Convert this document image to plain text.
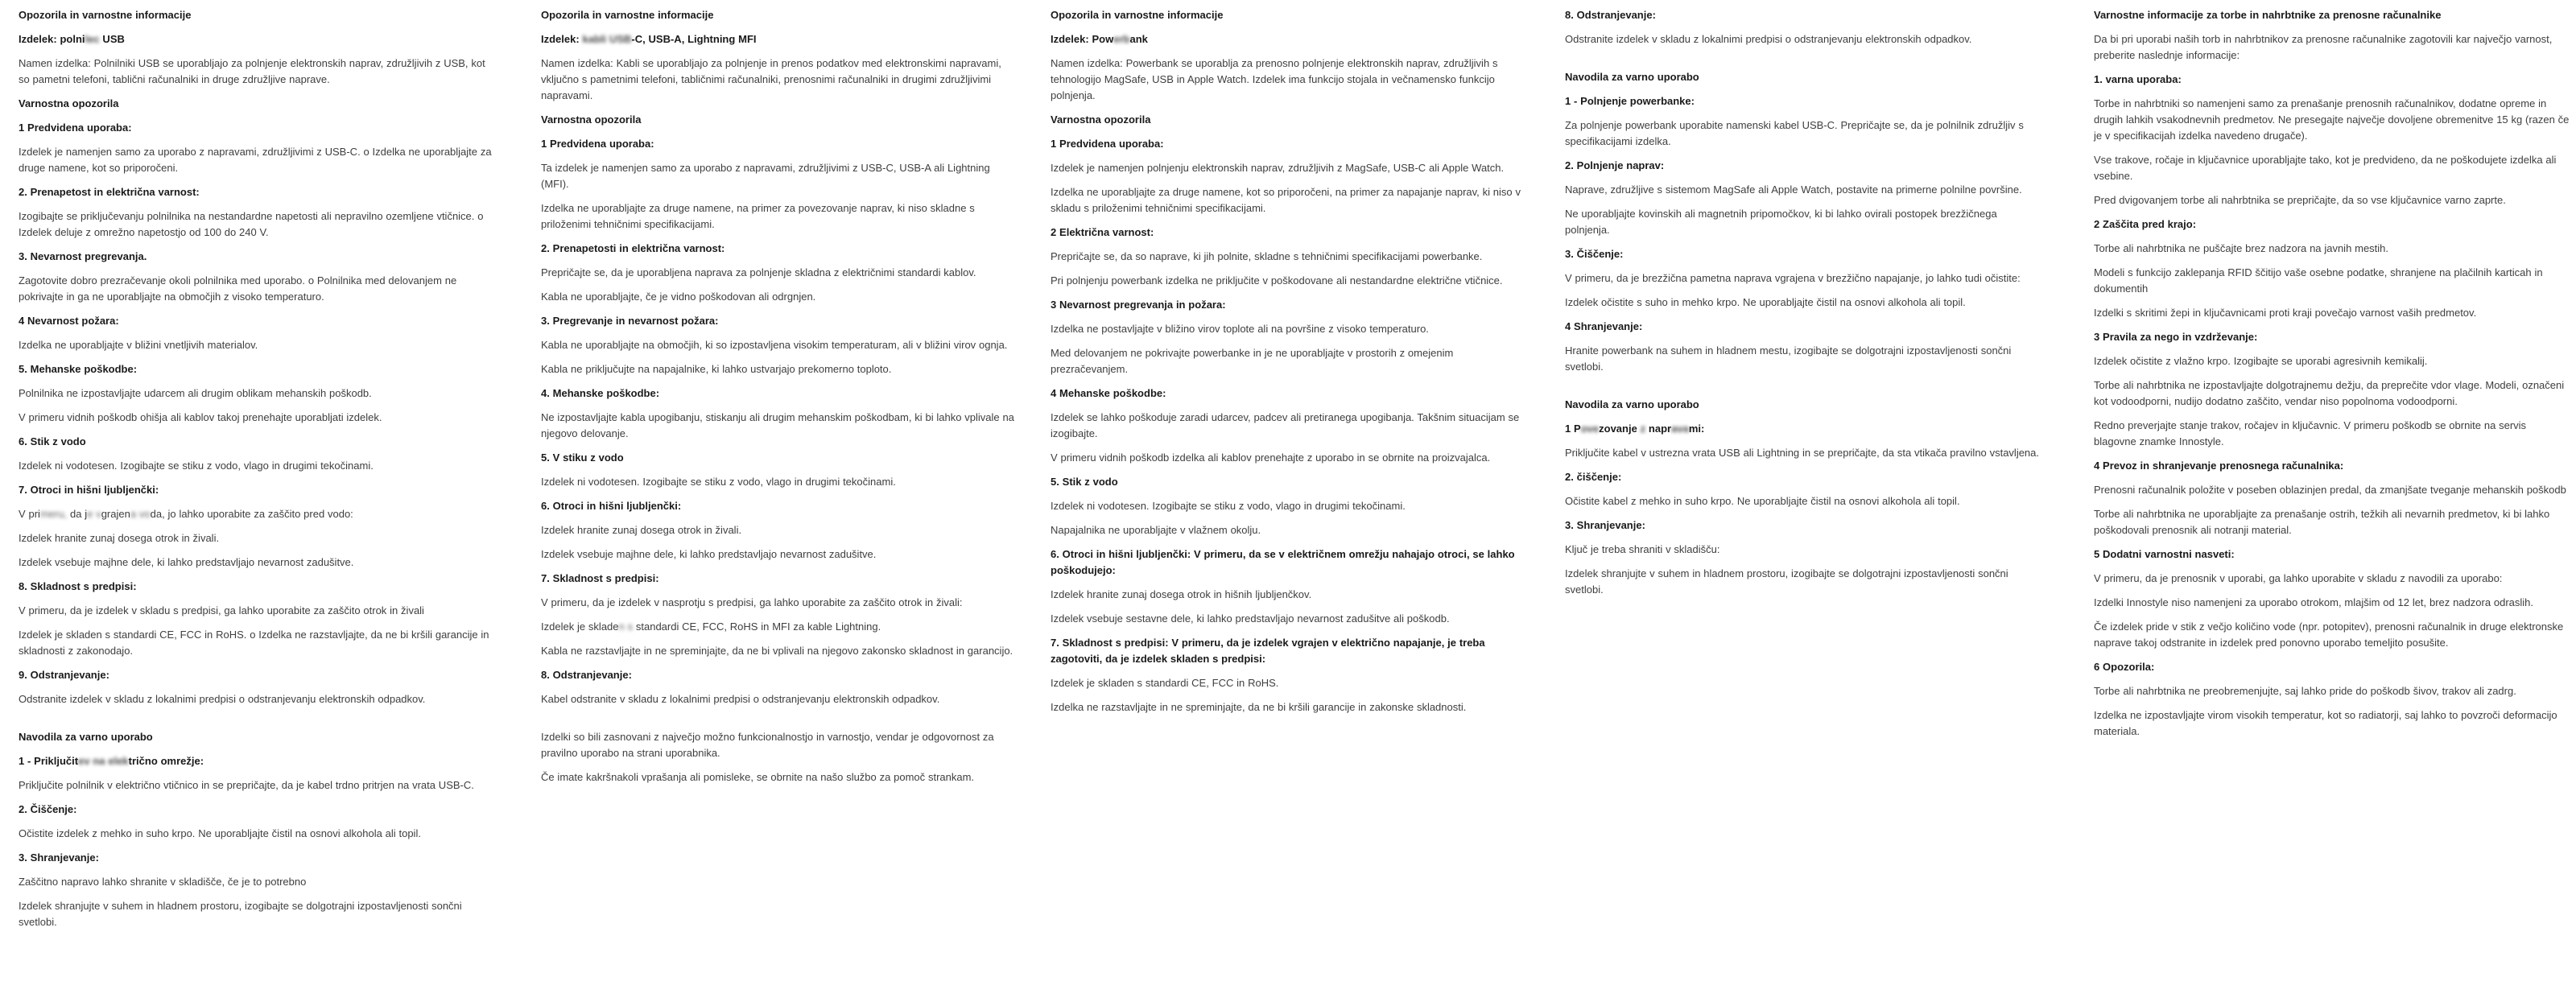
Opozorila in varnostne informacije
Izdelek: polnilec USB
Namen izdelka: Polnilniki USB se uporabljajo za polnjenje elektronskih naprav, združljivih z USB, kot so pametni telefoni, tablični računalniki in druge združljive naprave.
Varnostna opozorila
1 Predvidena uporaba:
Izdelek je namenjen samo za uporabo z napravami, združljivimi z USB-C. o Izdelka ne uporabljajte za druge namene, kot so priporočeni.
2. Prenapetost in električna varnost:
Izogibajte se priključevanju polnilnika na nestandardne napetosti ali nepravilno ozemljene vtičnice. o Izdelek deluje z omrežno napetostjo od 100 do 240 V.
3. Nevarnost pregrevanja.
Zagotovite dobro prezračevanje okoli polnilnika med uporabo. o Polnilnika med delovanjem ne pokrivajte in ga ne uporabljajte na območjih z visoko temperaturo.
4 Nevarnost požara:
Izdelka ne uporabljajte v bližini vnetljivih materialov.
5. Mehanske poškodbe:
Polnilnika ne izpostavljajte udarcem ali drugim oblikam mehanskih poškodb.
V primeru vidnih poškodb ohišja ali kablov takoj prenehajte uporabljati izdelek.
6. Stik z vodo
Izdelek ni vodotesen. Izogibajte se stiku z vodo, vlago in drugimi tekočinami.
7. Otroci in hišni ljubljenčki:
V primeru, da je vgrajena voda, jo lahko uporabite za zaščito pred vodo:
Izdelek hranite zunaj dosega otrok in živali.
Izdelek vsebuje majhne dele, ki lahko predstavljajo nevarnost zadušitve.
8. Skladnost s predpisi:
V primeru, da je izdelek v skladu s predpisi, ga lahko uporabite za zaščito otrok in živali
Izdelek je skladen s standardi CE, FCC in RoHS. o Izdelka ne razstavljajte, da ne bi kršili garancije in skladnosti z zakonodajo.
9. Odstranjevanje:
Odstranite izdelek v skladu z lokalnimi predpisi o odstranjevanju elektronskih odpadkov.
Navodila za varno uporabo
1 - Priključitev na električno omrežje:
Priključite polnilnik v električno vtičnico in se prepričajte, da je kabel trdno pritrjen na vrata USB-C.
2. Čiščenje:
Očistite izdelek z mehko in suho krpo. Ne uporabljajte čistil na osnovi alkohola ali topil.
3. Shranjevanje:
Zaščitno napravo lahko shranite v skladišče, če je to potrebno
Izdelek shranjujte v suhem in hladnem prostoru, izogibajte se dolgotrajni izpostavljenosti sončni svetlobi.
Opozorila in varnostne informacije
Izdelek: kabli USB-C, USB-A, Lightning MFI
Namen izdelka: Kabli se uporabljajo za polnjenje in prenos podatkov med elektronskimi napravami, vključno s pametnimi telefoni, tabličnimi računalniki, prenosnimi računalniki in drugimi združljivimi napravami.
Varnostna opozorila
1 Predvidena uporaba:
Ta izdelek je namenjen samo za uporabo z napravami, združljivimi z USB-C, USB-A ali Lightning (MFI).
Izdelka ne uporabljajte za druge namene, na primer za povezovanje naprav, ki niso skladne s priloženimi tehničnimi specifikacijami.
2. Prenapetosti in električna varnost:
Prepričajte se, da je uporabljena naprava za polnjenje skladna z električnimi standardi kablov.
Kabla ne uporabljajte, če je vidno poškodovan ali odrgnjen.
3. Pregrevanje in nevarnost požara:
Kabla ne uporabljajte na območjih, ki so izpostavljena visokim temperaturam, ali v bližini virov ognja.
Kabla ne priključujte na napajalnike, ki lahko ustvarjajo prekomerno toploto.
4. Mehanske poškodbe:
Ne izpostavljajte kabla upogibanju, stiskanju ali drugim mehanskim poškodbam, ki bi lahko vplivale na njegovo delovanje.
5. V stiku z vodo
Izdelek ni vodotesen. Izogibajte se stiku z vodo, vlago in drugimi tekočinami.
6. Otroci in hišni ljubljenčki:
Izdelek hranite zunaj dosega otrok in živali.
Izdelek vsebuje majhne dele, ki lahko predstavljajo nevarnost zadušitve.
7. Skladnost s predpisi:
V primeru, da je izdelek v nasprotju s predpisi, ga lahko uporabite za zaščito otrok in živali:
Izdelek je skladen s standardi CE, FCC, RoHS in MFI za kable Lightning.
Kabla ne razstavljajte in ne spreminjajte, da ne bi vplivali na njegovo zakonsko skladnost in garancijo.
8. Odstranjevanje:
Kabel odstranite v skladu z lokalnimi predpisi o odstranjevanju elektronskih odpadkov.
Izdelki so bili zasnovani z največjo možno funkcionalnostjo in varnostjo, vendar je odgovornost za pravilno uporabo na strani uporabnika.
Če imate kakršnakoli vprašanja ali pomisleke, se obrnite na našo službo za pomoč strankam.
Opozorila in varnostne informacije
Izdelek: Powerbank
Namen izdelka: Powerbank se uporablja za prenosno polnjenje elektronskih naprav, združljivih s tehnologijo MagSafe, USB in Apple Watch. Izdelek ima funkcijo stojala in večnamensko funkcijo polnjenja.
Varnostna opozorila
1 Predvidena uporaba:
Izdelek je namenjen polnjenju elektronskih naprav, združljivih z MagSafe, USB-C ali Apple Watch.
Izdelka ne uporabljajte za druge namene, kot so priporočeni, na primer za napajanje naprav, ki niso v skladu s priloženimi tehničnimi specifikacijami.
2 Električna varnost:
Prepričajte se, da so naprave, ki jih polnite, skladne s tehničnimi specifikacijami powerbanke.
Pri polnjenju powerbank izdelka ne priključite v poškodovane ali nestandardne električne vtičnice.
3 Nevarnost pregrevanja in požara:
Izdelka ne postavljajte v bližino virov toplote ali na površine z visoko temperaturo.
Med delovanjem ne pokrivajte powerbanke in je ne uporabljajte v prostorih z omejenim prezračevanjem.
4 Mehanske poškodbe:
Izdelek se lahko poškoduje zaradi udarcev, padcev ali pretiranega upogibanja. Takšnim situacijam se izogibajte.
V primeru vidnih poškodb izdelka ali kablov prenehajte z uporabo in se obrnite na proizvajalca.
5. Stik z vodo
Izdelek ni vodotesen. Izogibajte se stiku z vodo, vlago in drugimi tekočinami.
Napajalnika ne uporabljajte v vlažnem okolju.
6. Otroci in hišni ljubljenčki: V primeru, da se v električnem omrežju nahajajo otroci, se lahko poškodujejo:
Izdelek hranite zunaj dosega otrok in hišnih ljubljenčkov.
Izdelek vsebuje sestavne dele, ki lahko predstavljajo nevarnost zadušitve ali poškodb.
7. Skladnost s predpisi: V primeru, da je izdelek vgrajen v električno napajanje, je treba zagotoviti, da je izdelek skladen s predpisi:
Izdelek je skladen s standardi CE, FCC in RoHS.
Izdelka ne razstavljajte in ne spreminjajte, da ne bi kršili garancije in zakonske skladnosti.
8. Odstranjevanje:
Odstranite izdelek v skladu z lokalnimi predpisi o odstranjevanju elektronskih odpadkov.
Navodila za varno uporabo
1 - Polnjenje powerbanke:
Za polnjenje powerbank uporabite namenski kabel USB-C. Prepričajte se, da je polnilnik združljiv s specifikacijami izdelka.
2. Polnjenje naprav:
Naprave, združljive s sistemom MagSafe ali Apple Watch, postavite na primerne polnilne površine.
Ne uporabljajte kovinskih ali magnetnih pripomočkov, ki bi lahko ovirali postopek brezžičnega polnjenja.
3. Čiščenje:
V primeru, da je brezžična pametna naprava vgrajena v brezžično napajanje, jo lahko tudi očistite:
Izdelek očistite s suho in mehko krpo. Ne uporabljajte čistil na osnovi alkohola ali topil.
4 Shranjevanje:
Hranite powerbank na suhem in hladnem mestu, izogibajte se dolgotrajni izpostavljenosti sončni svetlobi.
Navodila za varno uporabo
1 Povezovanje z napravami:
Priključite kabel v ustrezna vrata USB ali Lightning in se prepričajte, da sta vtikača pravilno vstavljena.
2. čiščenje:
Očistite kabel z mehko in suho krpo. Ne uporabljajte čistil na osnovi alkohola ali topil.
3. Shranjevanje:
Ključ je treba shraniti v skladišču:
Izdelek shranjujte v suhem in hladnem prostoru, izogibajte se dolgotrajni izpostavljenosti sončni svetlobi.
Varnostne informacije za torbe in nahrbtnike za prenosne računalnike
Da bi pri uporabi naših torb in nahrbtnikov za prenosne računalnike zagotovili kar največjo varnost, preberite naslednje informacije:
1. varna uporaba:
Torbe in nahrbtniki so namenjeni samo za prenašanje prenosnih računalnikov, dodatne opreme in drugih lahkih vsakodnevnih predmetov. Ne presegajte največje dovoljene obremenitve 15 kg (razen če je v specifikacijah izdelka navedeno drugače).
Vse trakove, ročaje in ključavnice uporabljajte tako, kot je predvideno, da ne poškodujete izdelka ali vsebine.
Pred dvigovanjem torbe ali nahrbtnika se prepričajte, da so vse ključavnice varno zaprte.
2 Zaščita pred krajo:
Torbe ali nahrbtnika ne puščajte brez nadzora na javnih mestih.
Modeli s funkcijo zaklepanja RFID ščitijo vaše osebne podatke, shranjene na plačilnih karticah in dokumentih
Izdelki s skritimi žepi in ključavnicami proti kraji povečajo varnost vaših predmetov.
3 Pravila za nego in vzdrževanje:
Izdelek očistite z vlažno krpo. Izogibajte se uporabi agresivnih kemikalij.
Torbe ali nahrbtnika ne izpostavljajte dolgotrajnemu dežju, da preprečite vdor vlage. Modeli, označeni kot vodoodporni, nudijo dodatno zaščito, vendar niso popolnoma vodoodporni.
Redno preverjajte stanje trakov, ročajev in ključavnic. V primeru poškodb se obrnite na servis blagovne znamke Innostyle.
4 Prevoz in shranjevanje prenosnega računalnika:
Prenosni računalnik položite v poseben oblazinjen predal, da zmanjšate tveganje mehanskih poškodb
Torbe ali nahrbtnika ne uporabljajte za prenašanje ostrih, težkih ali nevarnih predmetov, ki bi lahko poškodovali prenosnik ali notranji material.
5 Dodatni varnostni nasveti:
V primeru, da je prenosnik v uporabi, ga lahko uporabite v skladu z navodili za uporabo:
Izdelki Innostyle niso namenjeni za uporabo otrokom, mlajšim od 12 let, brez nadzora odraslih.
Če izdelek pride v stik z večjo količino vode (npr. potopitev), prenosni računalnik in druge elektronske naprave takoj odstranite in izdelek pred ponovno uporabo temeljito posušite.
6 Opozorila:
Torbe ali nahrbtnika ne preobremenjujte, saj lahko pride do poškodb šivov, trakov ali zadrg.
Izdelka ne izpostavljajte virom visokih temperatur, kot so radiatorji, saj lahko to povzroči deformacijo materiala.
